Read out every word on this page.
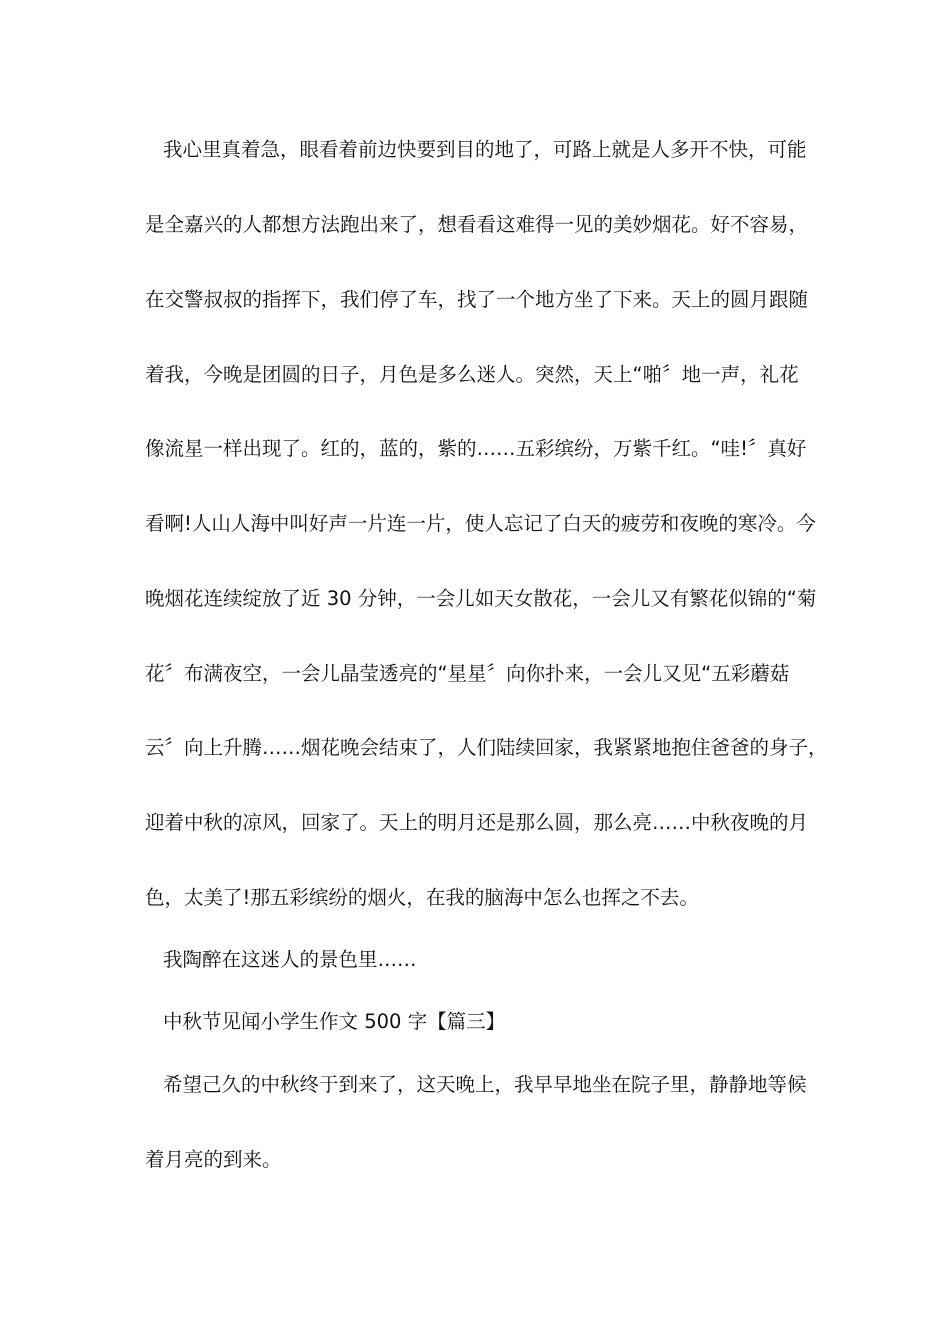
我心里真着急，眼看着前边快要到目的地了，可路上就是人多开不快，可能
是全嘉兴的人都想方法跑出来了，想看看这难得一见的美妙烟花。好不容易，
在交警叔叔的指挥下，我们停了车，找了一个地方坐了下来。天上的圆月跟随
着我，今晚是团圆的日子，月色是多么迷人。突然，天上“啪〞地一声，礼花
像流星一样出现了。红的，蓝的，紫的……五彩缤纷，万紫千红。“哇!〞真好
看啊!人山人海中叫好声一片连一片，使人忘记了白天的疲劳和夜晚的寒冷。今
晚烟花连续绽放了近 30 分钟，一会儿如天女散花，一会儿又有繁花似锦的“菊
花〞布满夜空，一会儿晶莹透亮的“星星〞向你扑来，一会儿又见“五彩蘑菇
云〞向上升腾……烟花晚会结束了，人们陆续回家，我紧紧地抱住爸爸的身子，
迎着中秋的凉风，回家了。天上的明月还是那么圆，那么亮……中秋夜晚的月
色，太美了!那五彩缤纷的烟火，在我的脑海中怎么也挥之不去。
我陶醉在这迷人的景色里……
中秋节见闻小学生作文 500 字【篇三】
希望己久的中秋终于到来了，这天晚上，我早早地坐在院子里，静静地等候
着月亮的到来。
